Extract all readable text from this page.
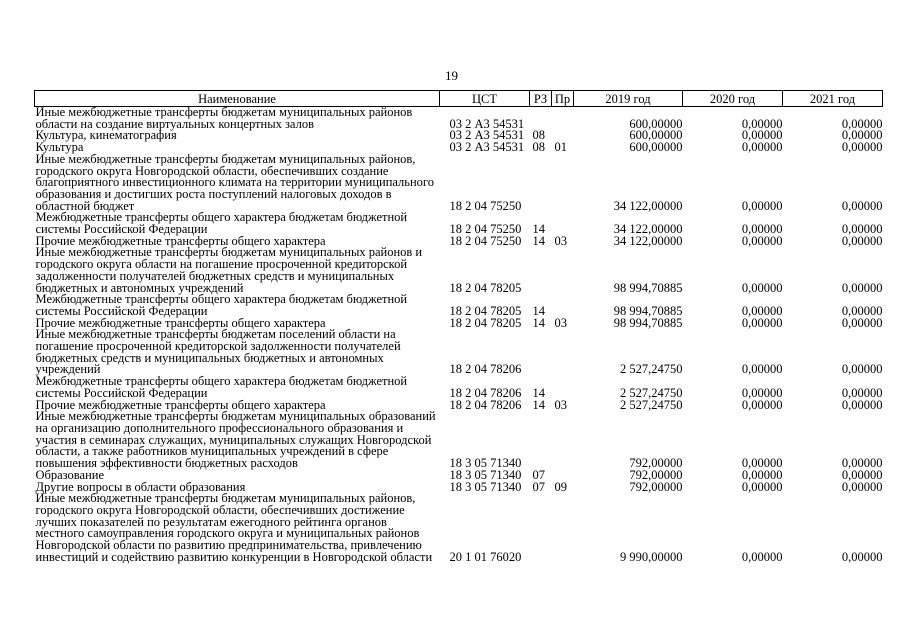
19
Наименование	ЦСТ	РЗ	Пр	2019 год	2020 год	2021 год
Иные межбюджетные трансферты бюджетам муниципальных районов области на создание виртуальных концертных залов	03 2 А3 54531			600,00000	0,00000	0,00000
Культура, кинематография	03 2 А3 54531	08		600,00000	0,00000	0,00000
Культура	03 2 А3 54531	08	01	600,00000	0,00000	0,00000
Иные межбюджетные трансферты бюджетам муниципальных районов, городского округа Новгородской области, обеспечивших создание благоприятного инвестиционного климата на территории муниципального образования и достигших роста поступлений налоговых доходов в областной бюджет	18 2 04 75250			34 122,00000	0,00000	0,00000
Межбюджетные трансферты общего характера бюджетам бюджетной системы Российской Федерации	18 2 04 75250	14		34 122,00000	0,00000	0,00000
Прочие межбюджетные трансферты общего характера	18 2 04 75250	14	03	34 122,00000	0,00000	0,00000
Иные межбюджетные трансферты бюджетам муниципальных районов и городского округа области на погашение просроченной кредиторской задолженности получателей бюджетных средств и муниципальных бюджетных и автономных учреждений	18 2 04 78205			98 994,70885	0,00000	0,00000
Межбюджетные трансферты общего характера бюджетам бюджетной системы Российской Федерации	18 2 04 78205	14		98 994,70885	0,00000	0,00000
Прочие межбюджетные трансферты общего характера	18 2 04 78205	14	03	98 994,70885	0,00000	0,00000
Иные межбюджетные трансферты бюджетам поселений области на погашение просроченной кредиторской задолженности получателей бюджетных средств и муниципальных бюджетных и автономных учреждений	18 2 04 78206			2 527,24750	0,00000	0,00000
Межбюджетные трансферты общего характера бюджетам бюджетной системы Российской Федерации	18 2 04 78206	14		2 527,24750	0,00000	0,00000
Прочие межбюджетные трансферты общего характера	18 2 04 78206	14	03	2 527,24750	0,00000	0,00000
Иные межбюджетные трансферты бюджетам муниципальных образований на организацию дополнительного профессионального образования и участия в семинарах служащих, муниципальных служащих Новгородской области, а также работников муниципальных учреждений в сфере повышения эффективности бюджетных расходов	18 3 05 71340			792,00000	0,00000	0,00000
Образование	18 3 05 71340	07		792,00000	0,00000	0,00000
Другие вопросы в области образования	18 3 05 71340	07	09	792,00000	0,00000	0,00000
Иные межбюджетные трансферты бюджетам муниципальных районов, городского округа Новгородской области, обеспечивших достижение лучших показателей по результатам ежегодного рейтинга органов местного самоуправления городского округа и муниципальных районов Новгородской области по развитию предпринимательства, привлечению инвестиций и содействию развитию конкуренции в Новгородской области	20 1 01 76020			9 990,00000	0,00000	0,00000
